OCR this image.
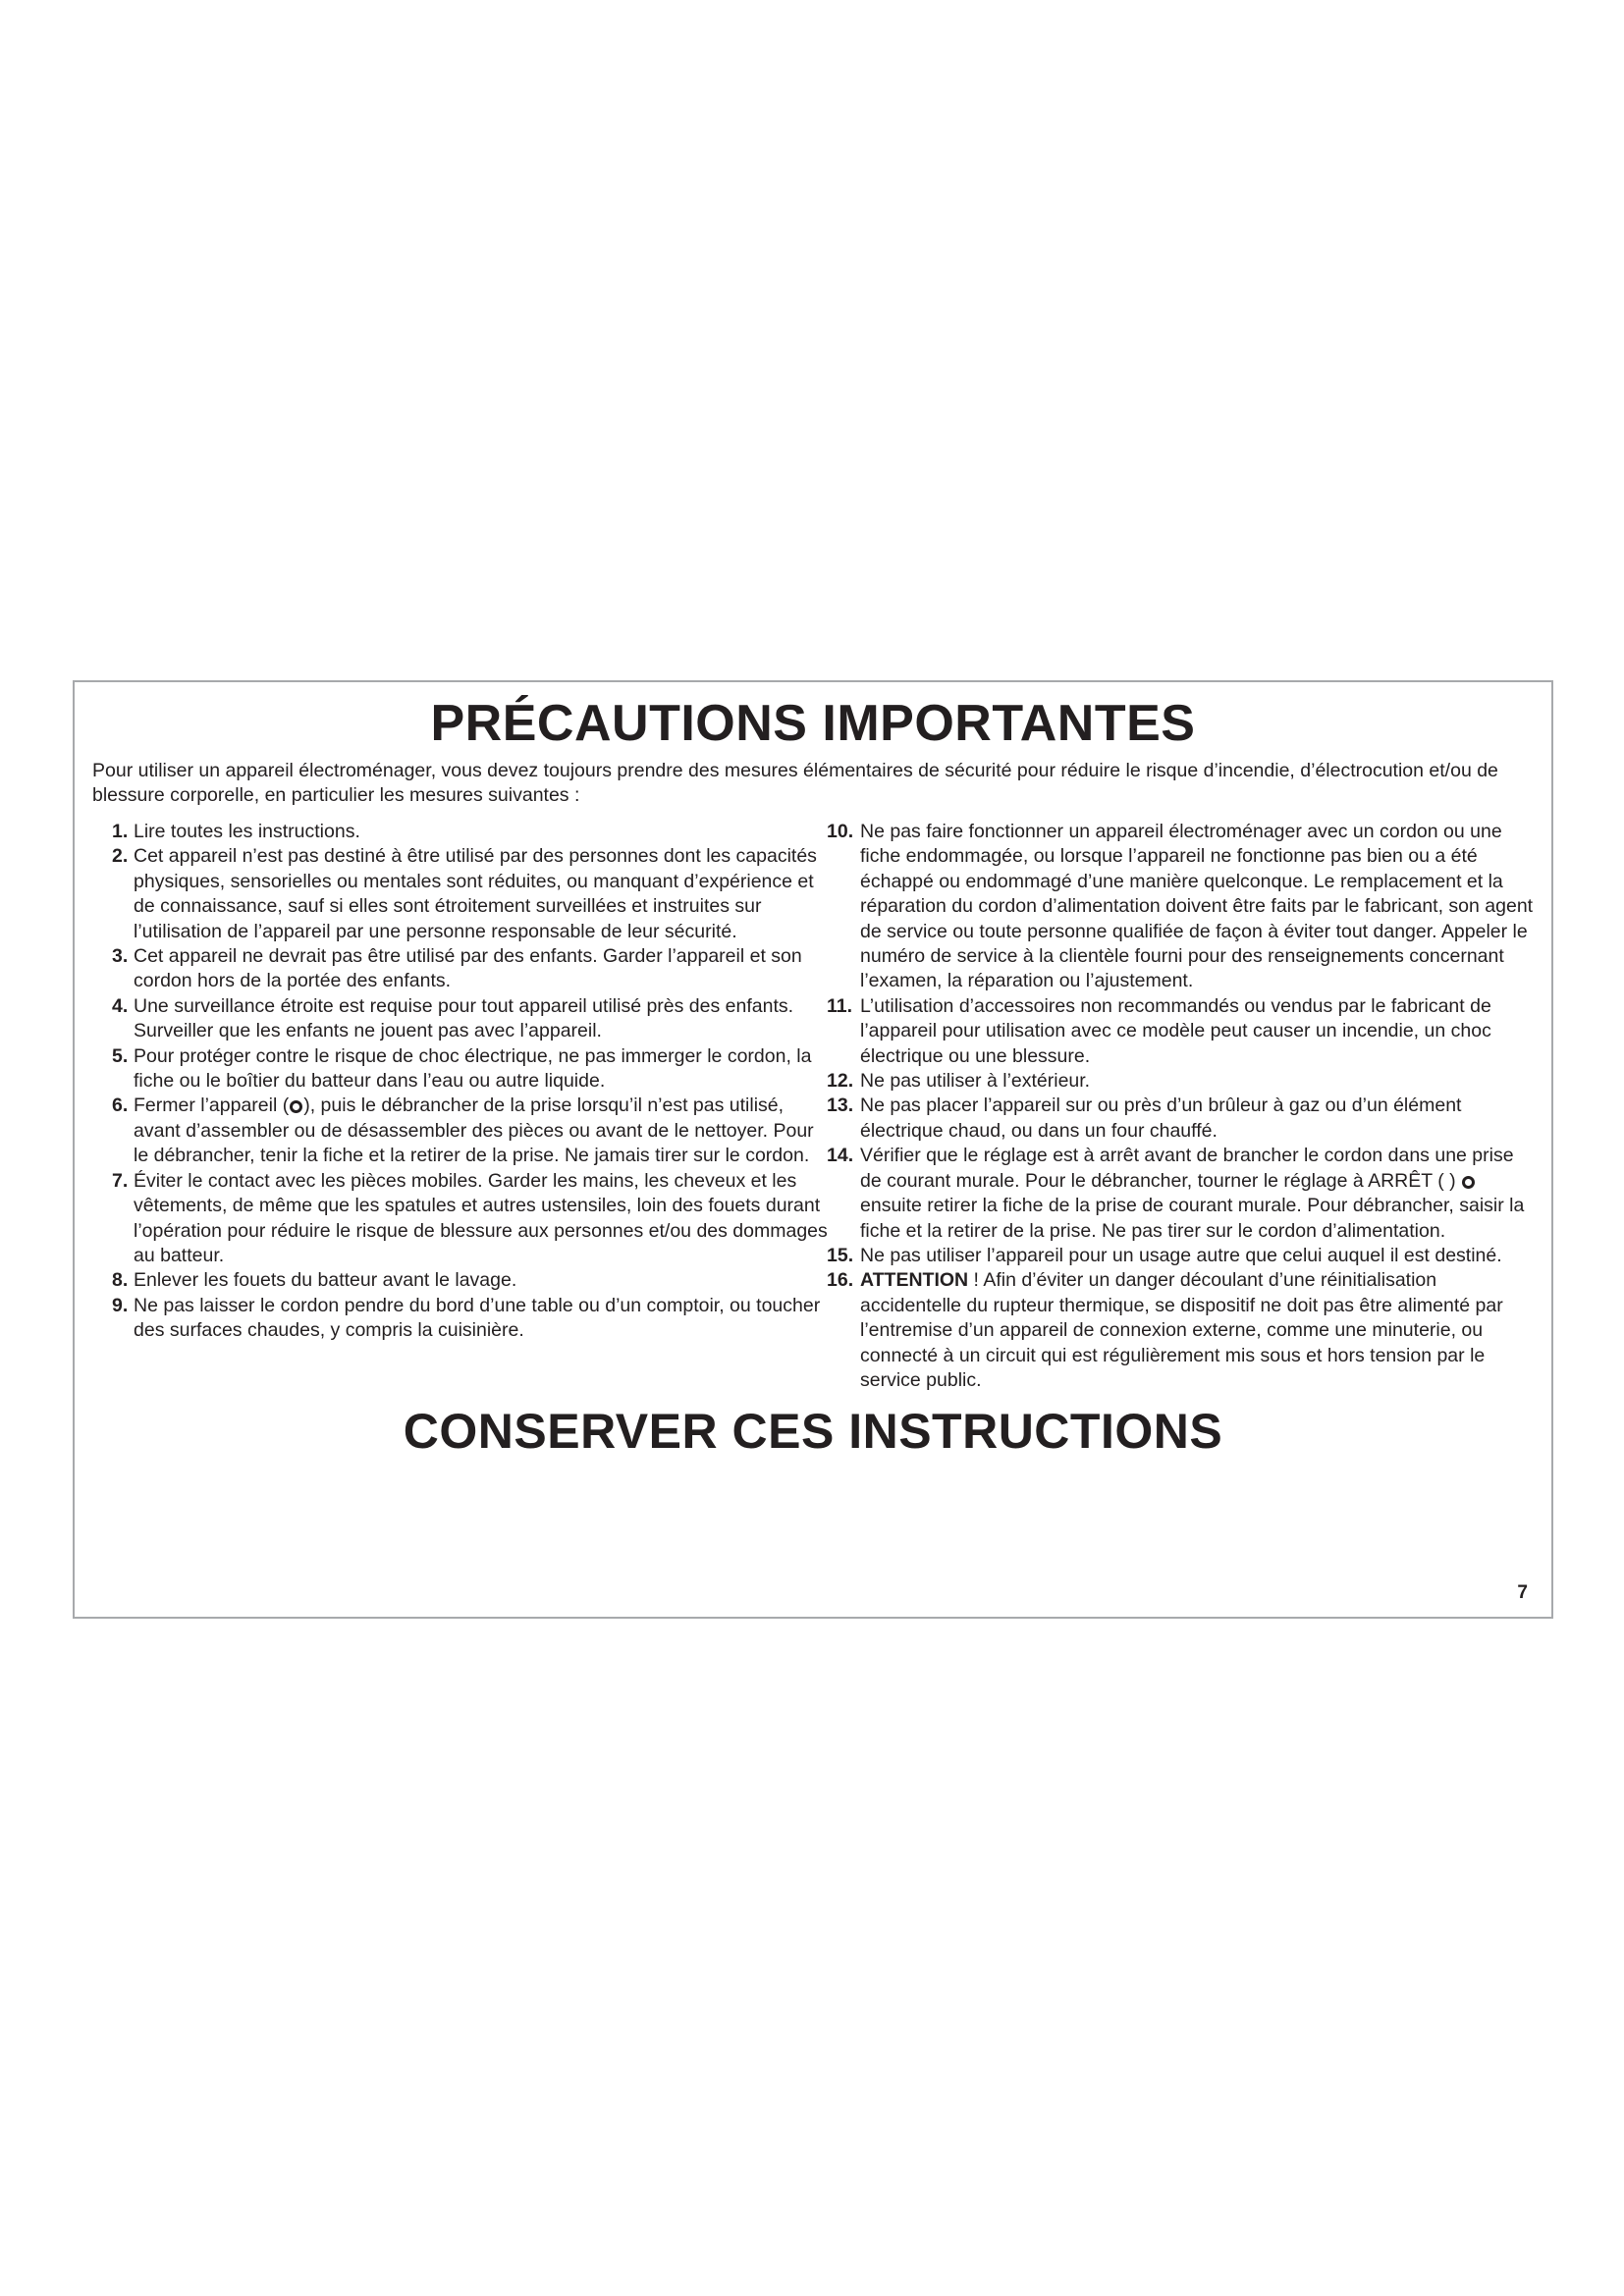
PRÉCAUTIONS IMPORTANTES

Pour utiliser un appareil électroménager, vous devez toujours prendre des mesures élémentaires de sécurité pour réduire le risque d’incendie, d’électrocution et/ou de blessure corporelle, en particulier les mesures suivantes :

1. Lire toutes les instructions.
2. Cet appareil n’est pas destiné à être utilisé par des personnes dont les capacités physiques, sensorielles ou mentales sont réduites, ou manquant d’expérience et de connaissance, sauf si elles sont étroitement surveillées et instruites sur l’utilisation de l’appareil par une personne responsable de leur sécurité.
3. Cet appareil ne devrait pas être utilisé par des enfants. Garder l’appareil et son cordon hors de la portée des enfants.
4. Une surveillance étroite est requise pour tout appareil utilisé près des enfants. Surveiller que les enfants ne jouent pas avec l’appareil.
5. Pour protéger contre le risque de choc électrique, ne pas immerger le cordon, la fiche ou le boîtier du batteur dans l’eau ou autre liquide.
6. Fermer l’appareil ( ), puis le débrancher de la prise lorsqu’il n’est pas utilisé, avant d’assembler ou de désassembler des pièces ou avant de le nettoyer. Pour le débrancher, tenir la fiche et la retirer de la prise. Ne jamais tirer sur le cordon.
7. Éviter le contact avec les pièces mobiles. Garder les mains, les cheveux et les vêtements, de même que les spatules et autres ustensiles, loin des fouets durant l’opération pour réduire le risque de blessure aux personnes et/ou des dommages au batteur.
8. Enlever les fouets du batteur avant le lavage.
9. Ne pas laisser le cordon pendre du bord d’une table ou d’un comptoir, ou toucher des surfaces chaudes, y compris la cuisinière.
10. Ne pas faire fonctionner un appareil électroménager avec un cordon ou une fiche endommagée, ou lorsque l’appareil ne fonctionne pas bien ou a été échappé ou endommagé d’une manière quelconque. Le remplacement et la réparation du cordon d’alimentation doivent être faits par le fabricant, son agent de service ou toute personne qualifiée de façon à éviter tout danger. Appeler le numéro de service à la clientèle fourni pour des renseignements concernant l’examen, la réparation ou l’ajustement.
11. L’utilisation d’accessoires non recommandés ou vendus par le fabricant de l’appareil pour utilisation avec ce modèle peut causer un incendie, un choc électrique ou une blessure.
12. Ne pas utiliser à l’extérieur.
13. Ne pas placer l’appareil sur ou près d’un brûleur à gaz ou d’un élément électrique chaud, ou dans un four chauffé.
14. Vérifier que le réglage est à arrêt avant de brancher le cordon dans une prise de courant murale. Pour le débrancher, tourner le réglage à ARRÊT ( )  ensuite retirer la fiche de la prise de courant murale. Pour débrancher, saisir la fiche et la retirer de la prise. Ne pas tirer sur le cordon d’alimentation.
15. Ne pas utiliser l’appareil pour un usage autre que celui auquel il est destiné.
16. ATTENTION ! Afin d’éviter un danger découlant d’une réinitialisation accidentelle du rupteur thermique, se dispositif ne doit pas être alimenté par l’entremise d’un appareil de connexion externe, comme une minuterie, ou connecté à un circuit qui est régulièrement mis sous et hors tension par le service public.
CONSERVER CES INSTRUCTIONS

7
